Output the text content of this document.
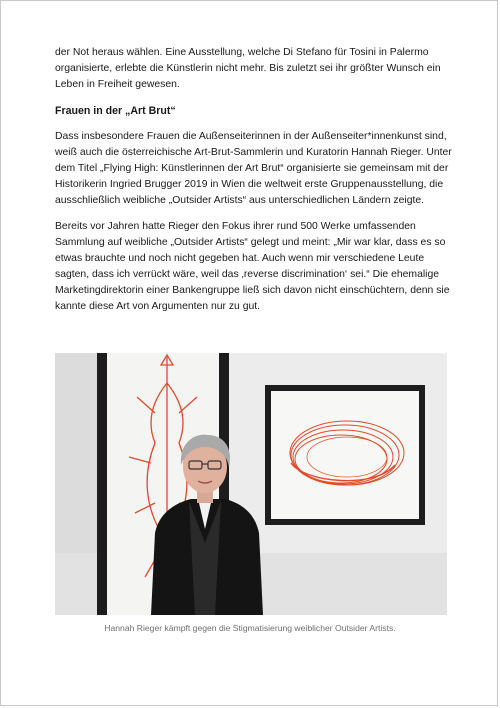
der Not heraus wählen. Eine Ausstellung, welche Di Stefano für Tosini in Palermo organisierte, erlebte die Künstlerin nicht mehr. Bis zuletzt sei ihr größter Wunsch ein Leben in Freiheit gewesen.

Frauen in der „Art Brut“

Dass insbesondere Frauen die Außenseiterinnen in der Außenseiter*innenkunst sind, weiß auch die österreichische Art-Brut-Sammlerin und Kuratorin Hannah Rieger. Unter dem Titel „Flying High: Künstlerinnen der Art Brut“ organisierte sie gemeinsam mit der Historikerin Ingried Brugger 2019 in Wien die weltweit erste Gruppenausstellung, die ausschließlich weibliche „Outsider Artists“ aus unterschiedlichen Ländern zeigte.

Bereits vor Jahren hatte Rieger den Fokus ihrer rund 500 Werke umfassenden Sammlung auf weibliche „Outsider Artists“ gelegt und meint: „Mir war klar, dass es so etwas brauchte und noch nicht gegeben hat. Auch wenn mir verschiedene Leute sagten, dass ich verrückt wäre, weil das ‚reverse discrimination‘ sei.“ Die ehemalige Marketingdirektorin einer Bankengruppe ließ sich davon nicht einschüchtern, denn sie kannte diese Art von Argumenten nur zu gut.

Hannah Rieger kämpft gegen die Stigmatisierung weiblicher Outsider Artists.
